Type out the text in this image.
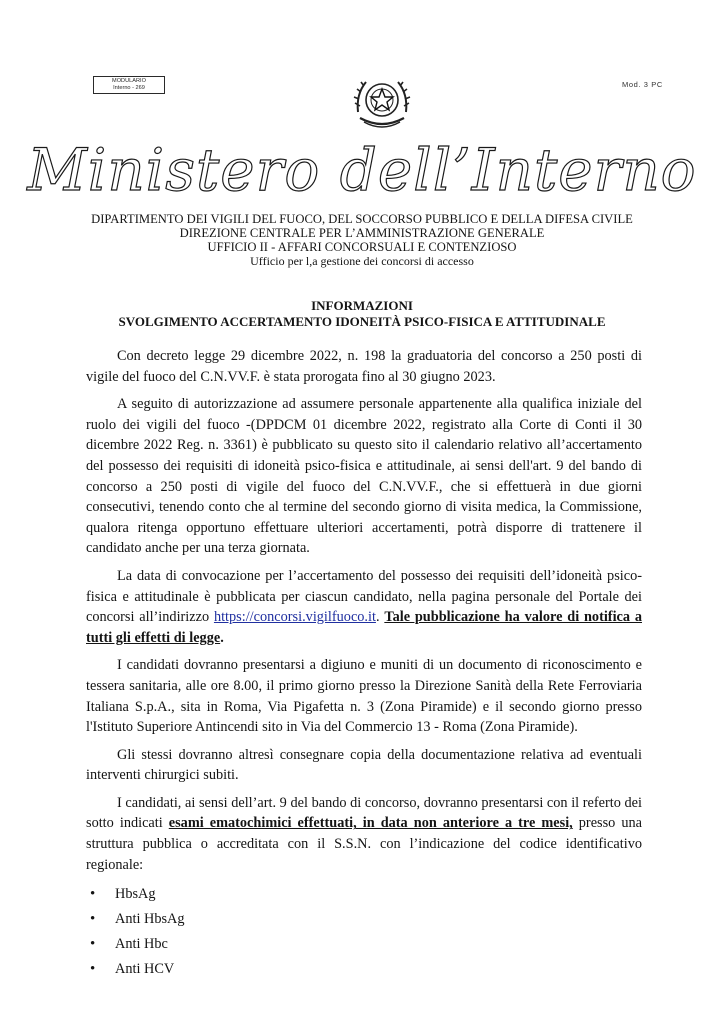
MODULARIO
Interno - 269	Mod. 3 PC
Ministero dell’Interno
DIPARTIMENTO DEI VIGILI DEL FUOCO, DEL SOCCORSO PUBBLICO E DELLA DIFESA CIVILE
DIREZIONE CENTRALE PER L’AMMINISTRAZIONE GENERALE
UFFICIO II - AFFARI CONCORSUALI E CONTENZIOSO
Ufficio per l,a gestione dei concorsi di accesso
INFORMAZIONI
SVOLGIMENTO ACCERTAMENTO IDONEITÀ PSICO-FISICA E ATTITUDINALE

Con decreto legge 29 dicembre 2022, n. 198 la graduatoria del concorso a 250 posti di vigile del fuoco del C.N.VV.F. è stata prorogata fino al 30 giugno 2023.

A seguito di autorizzazione ad assumere personale appartenente alla qualifica iniziale del ruolo dei vigili del fuoco -(DPDCM 01 dicembre 2022, registrato alla Corte di Conti il 30 dicembre 2022 Reg. n. 3361) è pubblicato su questo sito il calendario relativo all’accertamento del possesso dei requisiti di idoneità psico-fisica e attitudinale, ai sensi dell'art. 9 del bando di concorso a 250 posti di vigile del fuoco del C.N.VV.F., che si effettuerà in due giorni consecutivi, tenendo conto che al termine del secondo giorno di visita medica, la Commissione, qualora ritenga opportuno effettuare ulteriori accertamenti, potrà disporre di trattenere il candidato anche per una terza giornata.

La data di convocazione per l’accertamento del possesso dei requisiti dell’idoneità psico-fisica e attitudinale è pubblicata per ciascun candidato, nella pagina personale del Portale dei concorsi all’indirizzo https://concorsi.vigilfuoco.it. Tale pubblicazione ha valore di notifica a tutti gli effetti di legge.

I candidati dovranno presentarsi a digiuno e muniti di un documento di riconoscimento e tessera sanitaria, alle ore 8.00, il primo giorno presso la Direzione Sanità della Rete Ferroviaria Italiana S.p.A., sita in Roma, Via Pigafetta n. 3 (Zona Piramide) e il secondo giorno presso l'Istituto Superiore Antincendi sito in Via del Commercio 13 - Roma (Zona Piramide).

Gli stessi dovranno altresì consegnare copia della documentazione relativa ad eventuali interventi chirurgici subiti.

I candidati, ai sensi dell’art. 9 del bando di concorso, dovranno presentarsi con il referto dei sotto indicati esami ematochimici effettuati, in data non anteriore a tre mesi, presso una struttura pubblica o accreditata con il S.S.N. con l’indicazione del codice identificativo regionale:

• HbsAg
• Anti HbsAg
• Anti Hbc
• Anti HCV
